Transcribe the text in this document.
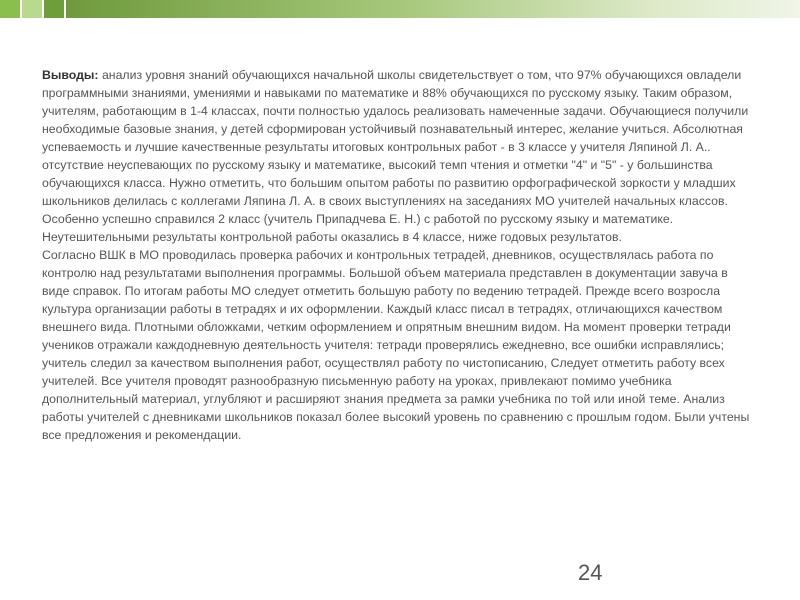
Выводы: анализ уровня знаний обучающихся начальной школы свидетельствует о том, что 97% обучающихся овладели программными знаниями, умениями и навыками по математике и 88% обучающихся по русскому языку. Таким образом, учителям, работающим в 1-4 классах, почти полностью удалось реализовать намеченные задачи. Обучающиеся получили необходимые базовые знания, у детей сформирован устойчивый познавательный интерес, желание учиться. Абсолютная успеваемость и лучшие качественные результаты итоговых контрольных работ - в 3 классе у учителя Ляпиной Л. А.. отсутствие неуспевающих по русскому языку и математике, высокий темп чтения и отметки "4" и "5" - у большинства обучающихся класса. Нужно отметить, что большим опытом работы по развитию орфографической зоркости у младших школьников делилась с коллегами Ляпина Л. А. в своих выступлениях на заседаниях МО учителей начальных классов. Особенно успешно справился 2 класс (учитель Припадчева Е. Н.) с работой по русскому языку и математике. Неутешительными результаты контрольной работы оказались в 4 классе, ниже годовых результатов.

Согласно ВШК в МО проводилась проверка рабочих и контрольных тетрадей, дневников, осуществлялась работа по контролю над результатами выполнения программы. Большой объем материала представлен в документации завуча в виде справок. По итогам работы МО следует отметить большую работу по ведению тетрадей. Прежде всего возросла культура организации работы в тетрадях и их оформлении. Каждый класс писал в тетрадях, отличающихся качеством внешнего вида. Плотными обложками, четким оформлением и опрятным внешним видом. На момент проверки тетради учеников отражали каждодневную деятельность учителя: тетради проверялись ежедневно, все ошибки исправлялись; учитель следил за качеством выполнения работ, осуществлял работу по чистописанию, Следует отметить работу всех учителей. Все учителя проводят разнообразную письменную работу на уроках, привлекают помимо учебника дополнительный материал, углубляют и расширяют знания предмета за рамки учебника по той или иной теме. Анализ работы учителей с дневниками школьников показал более высокий уровень по сравнению с прошлым годом. Были учтены все предложения и рекомендации.

24
